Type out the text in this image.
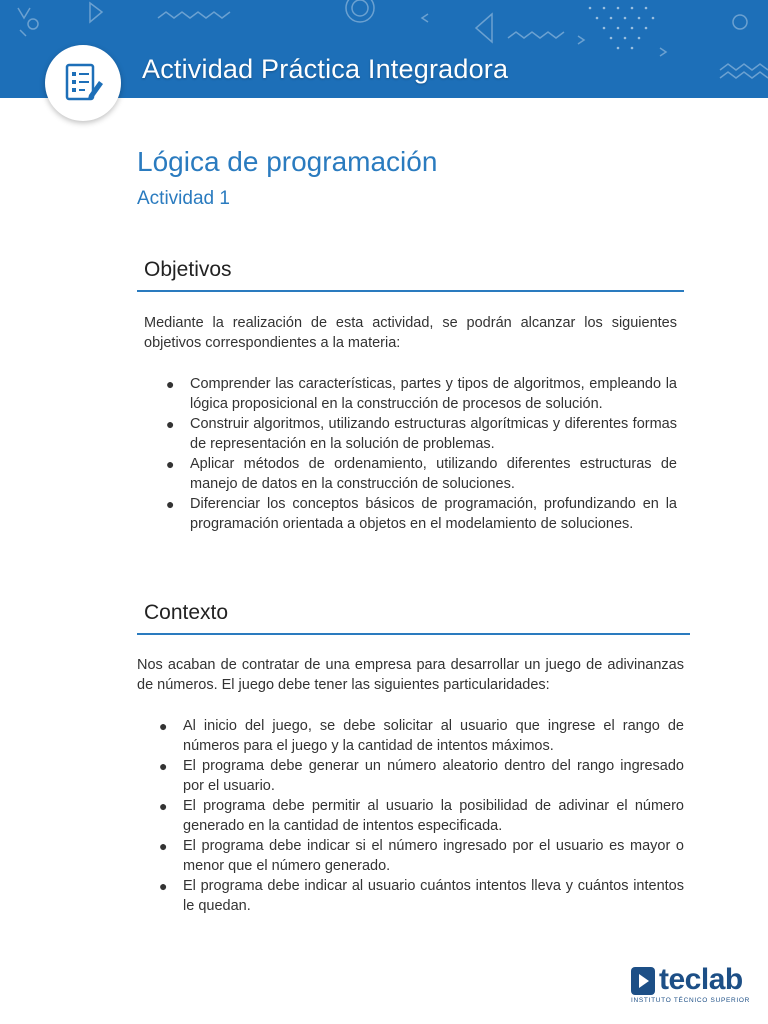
Actividad Práctica Integradora
Lógica de programación
Actividad 1
Objetivos

Mediante la realización de esta actividad, se podrán alcanzar los siguientes objetivos correspondientes a la materia:

● Comprender las características, partes y tipos de algoritmos, empleando la lógica proposicional en la construcción de procesos de solución.
● Construir algoritmos, utilizando estructuras algorítmicas y diferentes formas de representación en la solución de problemas.
● Aplicar métodos de ordenamiento, utilizando diferentes estructuras de manejo de datos en la construcción de soluciones.
● Diferenciar los conceptos básicos de programación, profundizando en la programación orientada a objetos en el modelamiento de soluciones.
Contexto

Nos acaban de contratar de una empresa para desarrollar un juego de adivinanzas de números. El juego debe tener las siguientes particularidades:

● Al inicio del juego, se debe solicitar al usuario que ingrese el rango de números para el juego y la cantidad de intentos máximos.
● El programa debe generar un número aleatorio dentro del rango ingresado por el usuario.
● El programa debe permitir al usuario la posibilidad de adivinar el número generado en la cantidad de intentos especificada.
● El programa debe indicar si el número ingresado por el usuario es mayor o menor que el número generado.
● El programa debe indicar al usuario cuántos intentos lleva y cuántos intentos le quedan.
teclab
INSTITUTO TÉCNICO SUPERIOR
